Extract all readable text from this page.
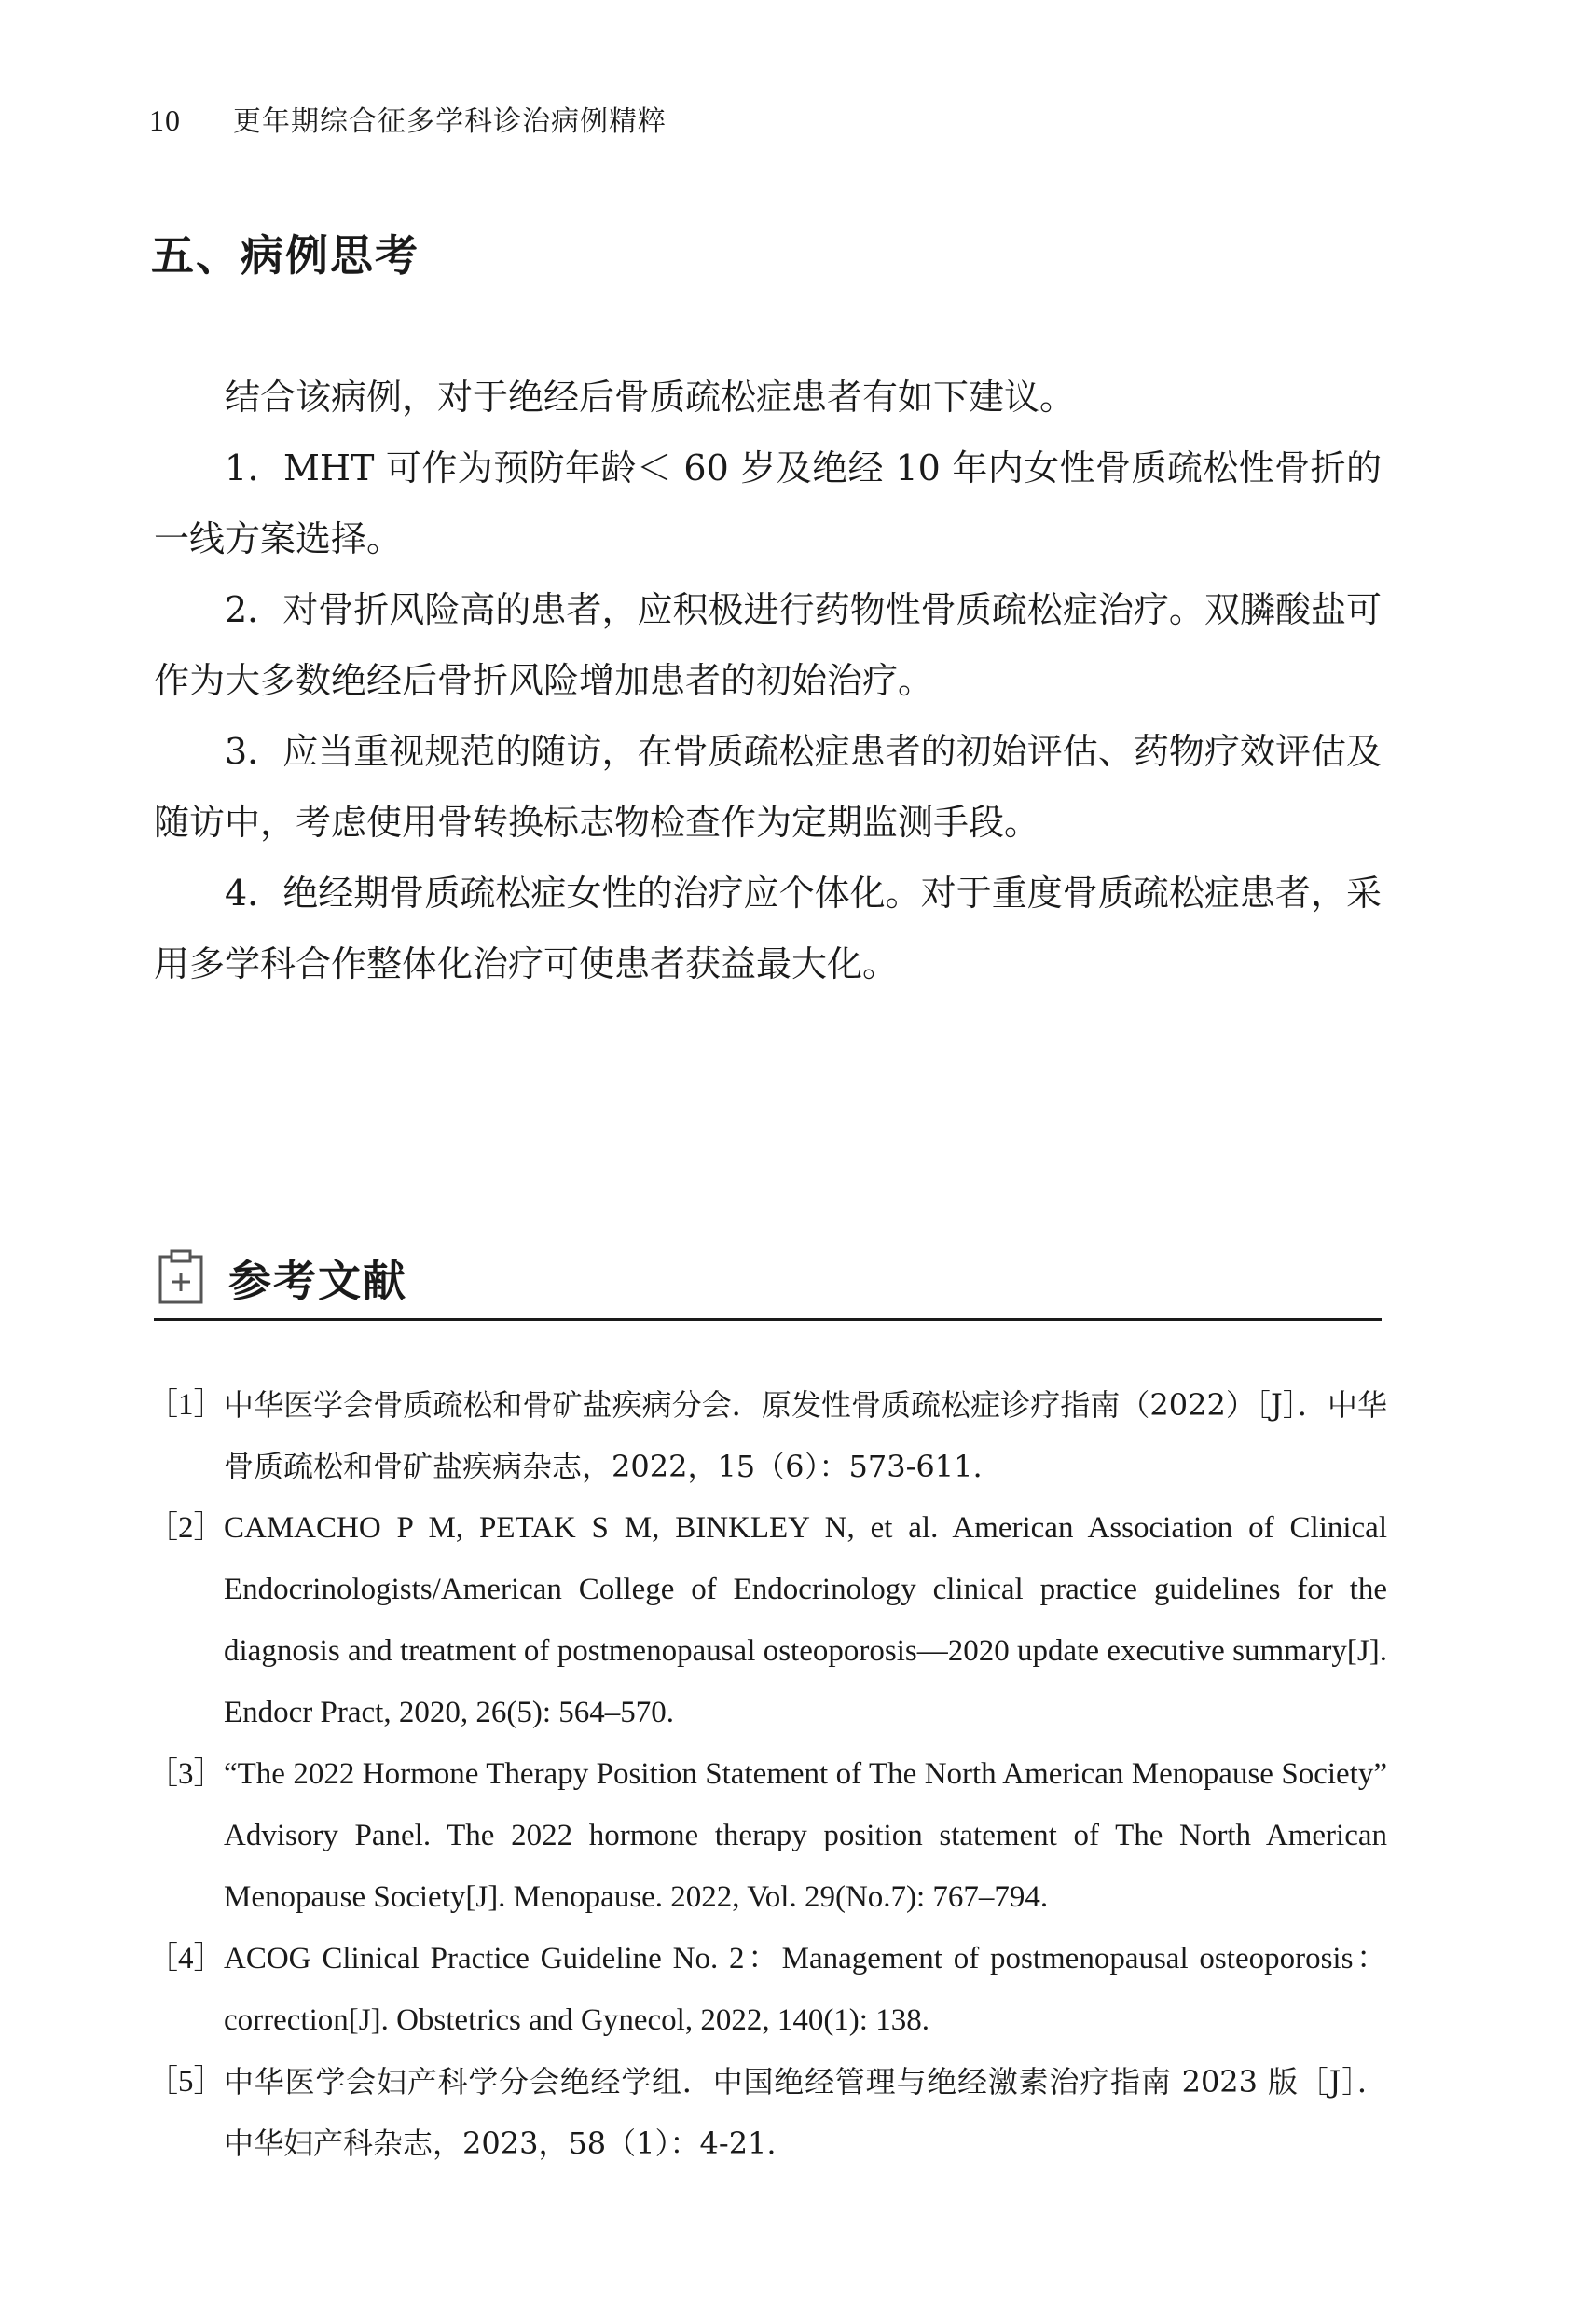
10 更年期综合征多学科诊治病例精粹
五、病例思考

结合该病例，对于绝经后骨质疏松症患者有如下建议。

1．MHT 可作为预防年龄＜ 60 岁及绝经 10 年内女性骨质疏松性骨折的一线方案选择。

2．对骨折风险高的患者，应积极进行药物性骨质疏松症治疗。双膦酸盐可作为大多数绝经后骨折风险增加患者的初始治疗。

3．应当重视规范的随访，在骨质疏松症患者的初始评估、药物疗效评估及随访中，考虑使用骨转换标志物检查作为定期监测手段。

4．绝经期骨质疏松症女性的治疗应个体化。对于重度骨质疏松症患者，采用多学科合作整体化治疗可使患者获益最大化。

参考文献
［1］ 中华医学会骨质疏松和骨矿盐疾病分会．原发性骨质疏松症诊疗指南（2022）［J］．中华骨质疏松和骨矿盐疾病杂志，2022，15（6）：573-611.
［2］ CAMACHO P M, PETAK S M, BINKLEY N, et al. American Association of Clinical Endocrinologists/American College of Endocrinology clinical practice guidelines for the diagnosis and treatment of postmenopausal osteoporosis—2020 update executive summary[J]. Endocr Pract, 2020, 26(5): 564–570.
［3］ “The 2022 Hormone Therapy Position Statement of The North American Menopause Society” Advisory Panel. The 2022 hormone therapy position statement of The North American Menopause Society[J]. Menopause. 2022, Vol. 29(No.7): 767–794.
［4］ ACOG Clinical Practice Guideline No. 2：Management of postmenopausal osteoporosis：correction[J]. Obstetrics and Gynecol, 2022, 140(1): 138.
［5］ 中华医学会妇产科学分会绝经学组．中国绝经管理与绝经激素治疗指南 2023 版［J］．中华妇产科杂志，2023，58（1）：4-21.
